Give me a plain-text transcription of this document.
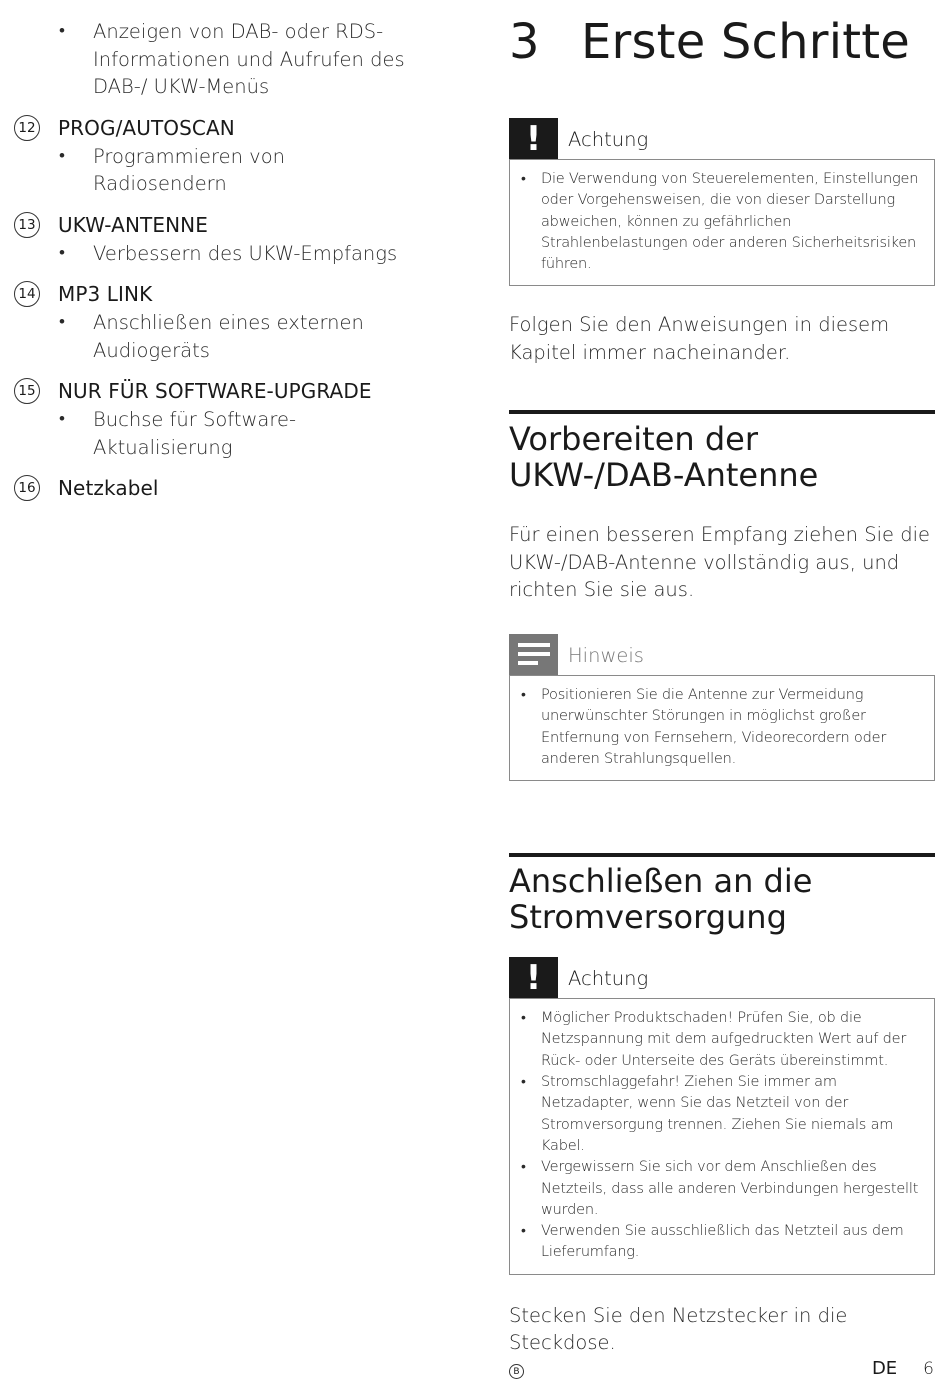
• Anzeigen von DAB- oder RDS-Informationen und Aufrufen des DAB-/ UKW-Menüs
12 PROG/AUTOSCAN
• Programmieren von Radiosendern
13 UKW-ANTENNE
• Verbessern des UKW-Empfangs
14 MP3 LINK
• Anschließen eines externen Audiogeräts
15 NUR FÜR SOFTWARE-UPGRADE
• Buchse für Software-Aktualisierung
16 Netzkabel
3 Erste Schritte
!	Achtung
• Die Verwendung von Steuerelementen, Einstellungen oder Vorgehensweisen, die von dieser Darstellung abweichen, können zu gefährlichen Strahlenbelastungen oder anderen Sicherheitsrisiken führen.

Folgen Sie den Anweisungen in diesem Kapitel immer nacheinander.

Vorbereiten der UKW-/DAB-Antenne

Für einen besseren Empfang ziehen Sie die UKW-/DAB-Antenne vollständig aus, und richten Sie sie aus.

Hinweis
• Positionieren Sie die Antenne zur Vermeidung unerwünschter Störungen in möglichst großer Entfernung von Fernsehern, Videorecordern oder anderen Strahlungsquellen.
Anschließen an die Stromversorgung
!	Achtung
• Möglicher Produktschaden! Prüfen Sie, ob die Netzspannung mit dem aufgedruckten Wert auf der Rück- oder Unterseite des Geräts übereinstimmt.
• Stromschlaggefahr! Ziehen Sie immer am Netzadapter, wenn Sie das Netzteil von der Stromversorgung trennen. Ziehen Sie niemals am Kabel.
• Vergewissern Sie sich vor dem Anschließen des Netzteils, dass alle anderen Verbindungen hergestellt wurden.
• Verwenden Sie ausschließlich das Netzteil aus dem Lieferumfang.

Stecken Sie den Netzstecker in die Steckdose.

B	DE 6
